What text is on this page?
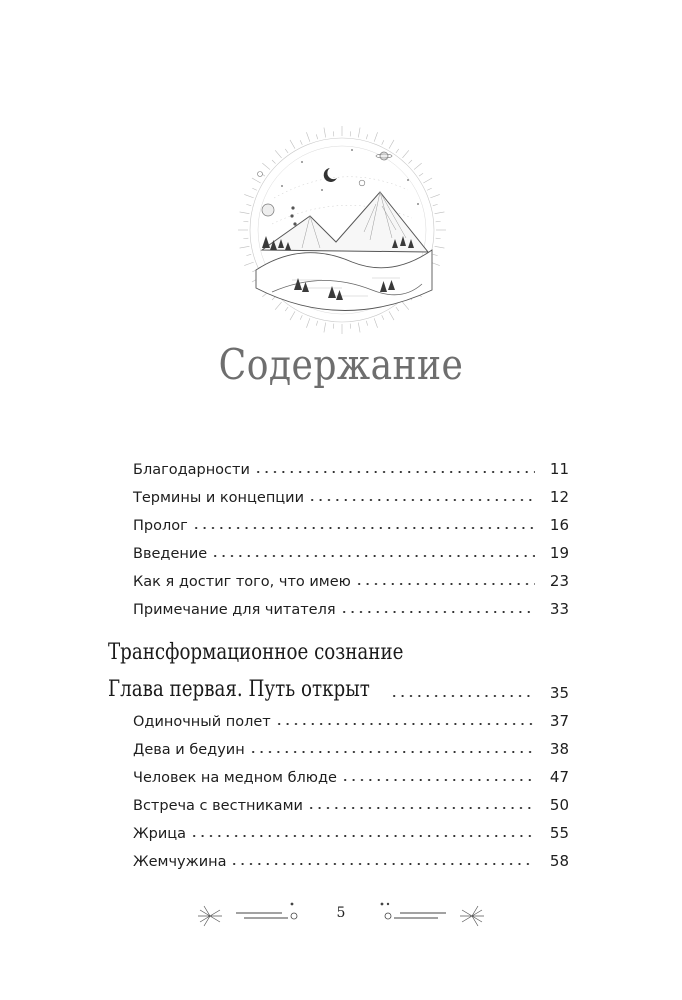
Содержание
Благодарности	11
Термины и концепции	12
Пролог	16
Введение	19
Как я достиг того, что имею	23
Примечание для читателя	33
Трансформационное сознание
Глава первая. Путь открыт	35
Одиночный полет	37
Дева и бедуин	38
Человек на медном блюде	47
Встреча с вестниками	50
Жрица	55
Жемчужина	58
5
